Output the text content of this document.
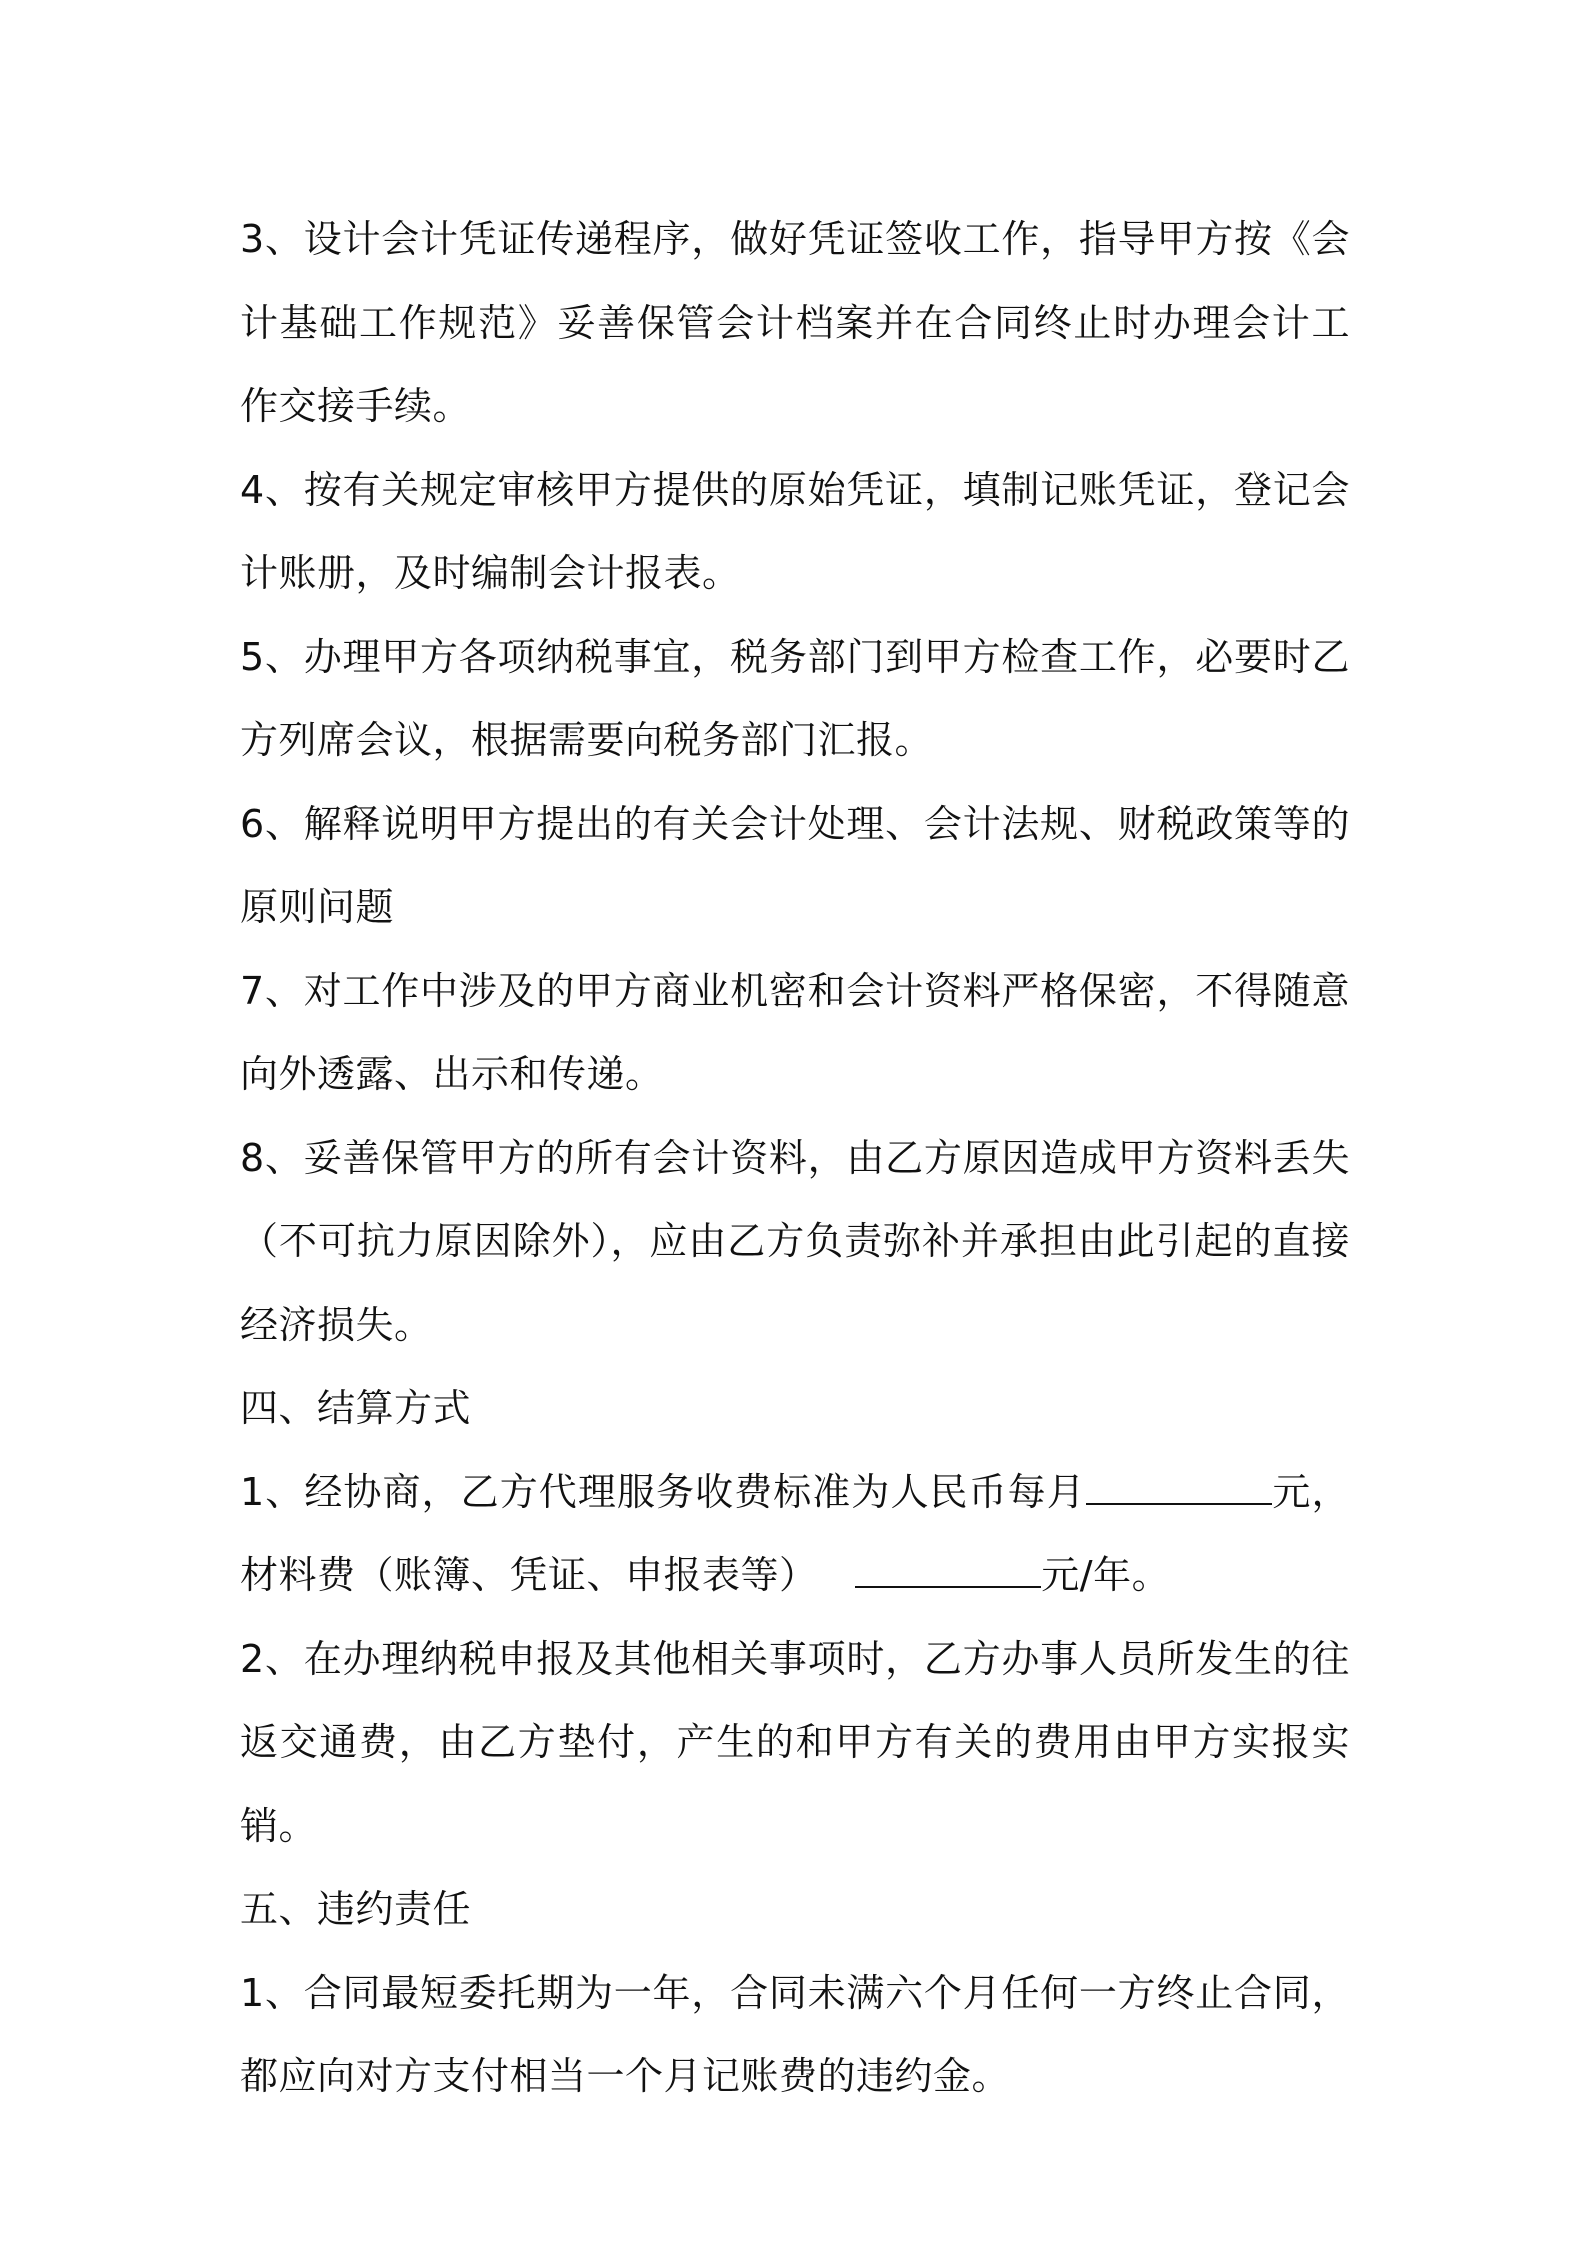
3、设计会计凭证传递程序，做好凭证签收工作，指导甲方按《会计基础工作规范》妥善保管会计档案并在合同终止时办理会计工作交接手续。

4、按有关规定审核甲方提供的原始凭证，填制记账凭证，登记会计账册，及时编制会计报表。

5、办理甲方各项纳税事宜，税务部门到甲方检查工作，必要时乙方列席会议，根据需要向税务部门汇报。

6、解释说明甲方提出的有关会计处理、会计法规、财税政策等的原则问题

7、对工作中涉及的甲方商业机密和会计资料严格保密，不得随意向外透露、出示和传递。

8、妥善保管甲方的所有会计资料，由乙方原因造成甲方资料丢失（不可抗力原因除外），应由乙方负责弥补并承担由此引起的直接经济损失。

四、结算方式

1、经协商，乙方代理服务收费标准为人民币每月	元，材料费（账簿、凭证、申报表等）	元/年。

2、在办理纳税申报及其他相关事项时，乙方办事人员所发生的往返交通费，由乙方垫付，产生的和甲方有关的费用由甲方实报实销。

五、违约责任

1、合同最短委托期为一年，合同未满六个月任何一方终止合同，都应向对方支付相当一个月记账费的违约金。
